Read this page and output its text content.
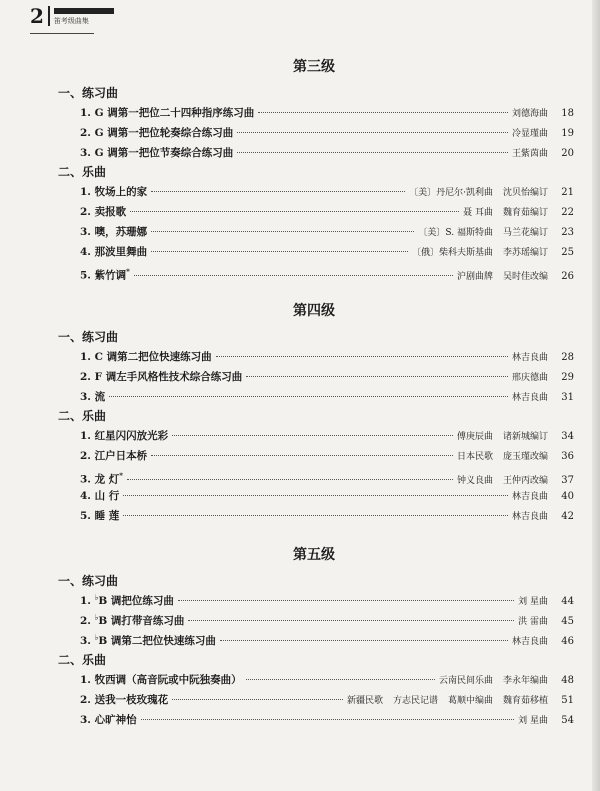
2	笛考级曲集
第三级
一、练习曲
1. G 调第一把位二十四种指序练习曲	刘德海曲	18
2. G 调第一把位轮奏综合练习曲	冷显瑾曲	19
3. G 调第一把位节奏综合练习曲	王紫茵曲	20
二、乐曲
1. 牧场上的家	〔美〕丹尼尔·凯利曲 沈贝怡编订	21
2. 卖报歌	聂 耳曲 魏育茹编订	22
3. 噢，苏珊娜	〔美〕S. 福斯特曲 马兰花编订	23
4. 那波里舞曲	〔俄〕柴科夫斯基曲 李苏瑶编订	25
5. 紫竹调*	沪剧曲牌 吴时佳改编	26
第四级
一、练习曲
1. C 调第二把位快速练习曲	林吉良曲	28
2. F 调左手风格性技术综合练习曲	邢庆德曲	29
3. 流	林吉良曲	31
二、乐曲
1. 红星闪闪放光彩	傅庚辰曲 诸新城编订	34
2. 江户日本桥	日本民歌 庞玉瑾改编	36
3. 龙 灯*	钟义良曲 王仲丙改编	37
4. 山 行	林吉良曲	40
5. 睡 莲	林吉良曲	42
第五级
一、练习曲
1. ♭B 调把位练习曲	刘 星曲	44
2. ♭B 调打带音练习曲	洪 雷曲	45
3. ♭B 调第二把位快速练习曲	林吉良曲	46
二、乐曲
1. 牧西调（高音阮或中阮独奏曲）	云南民间乐曲 李永年编曲	48
2. 送我一枝玫瑰花	新疆民歌 方志民记谱 葛顺中编曲 魏育茹移植	51
3. 心旷神怡	刘 星曲	54
